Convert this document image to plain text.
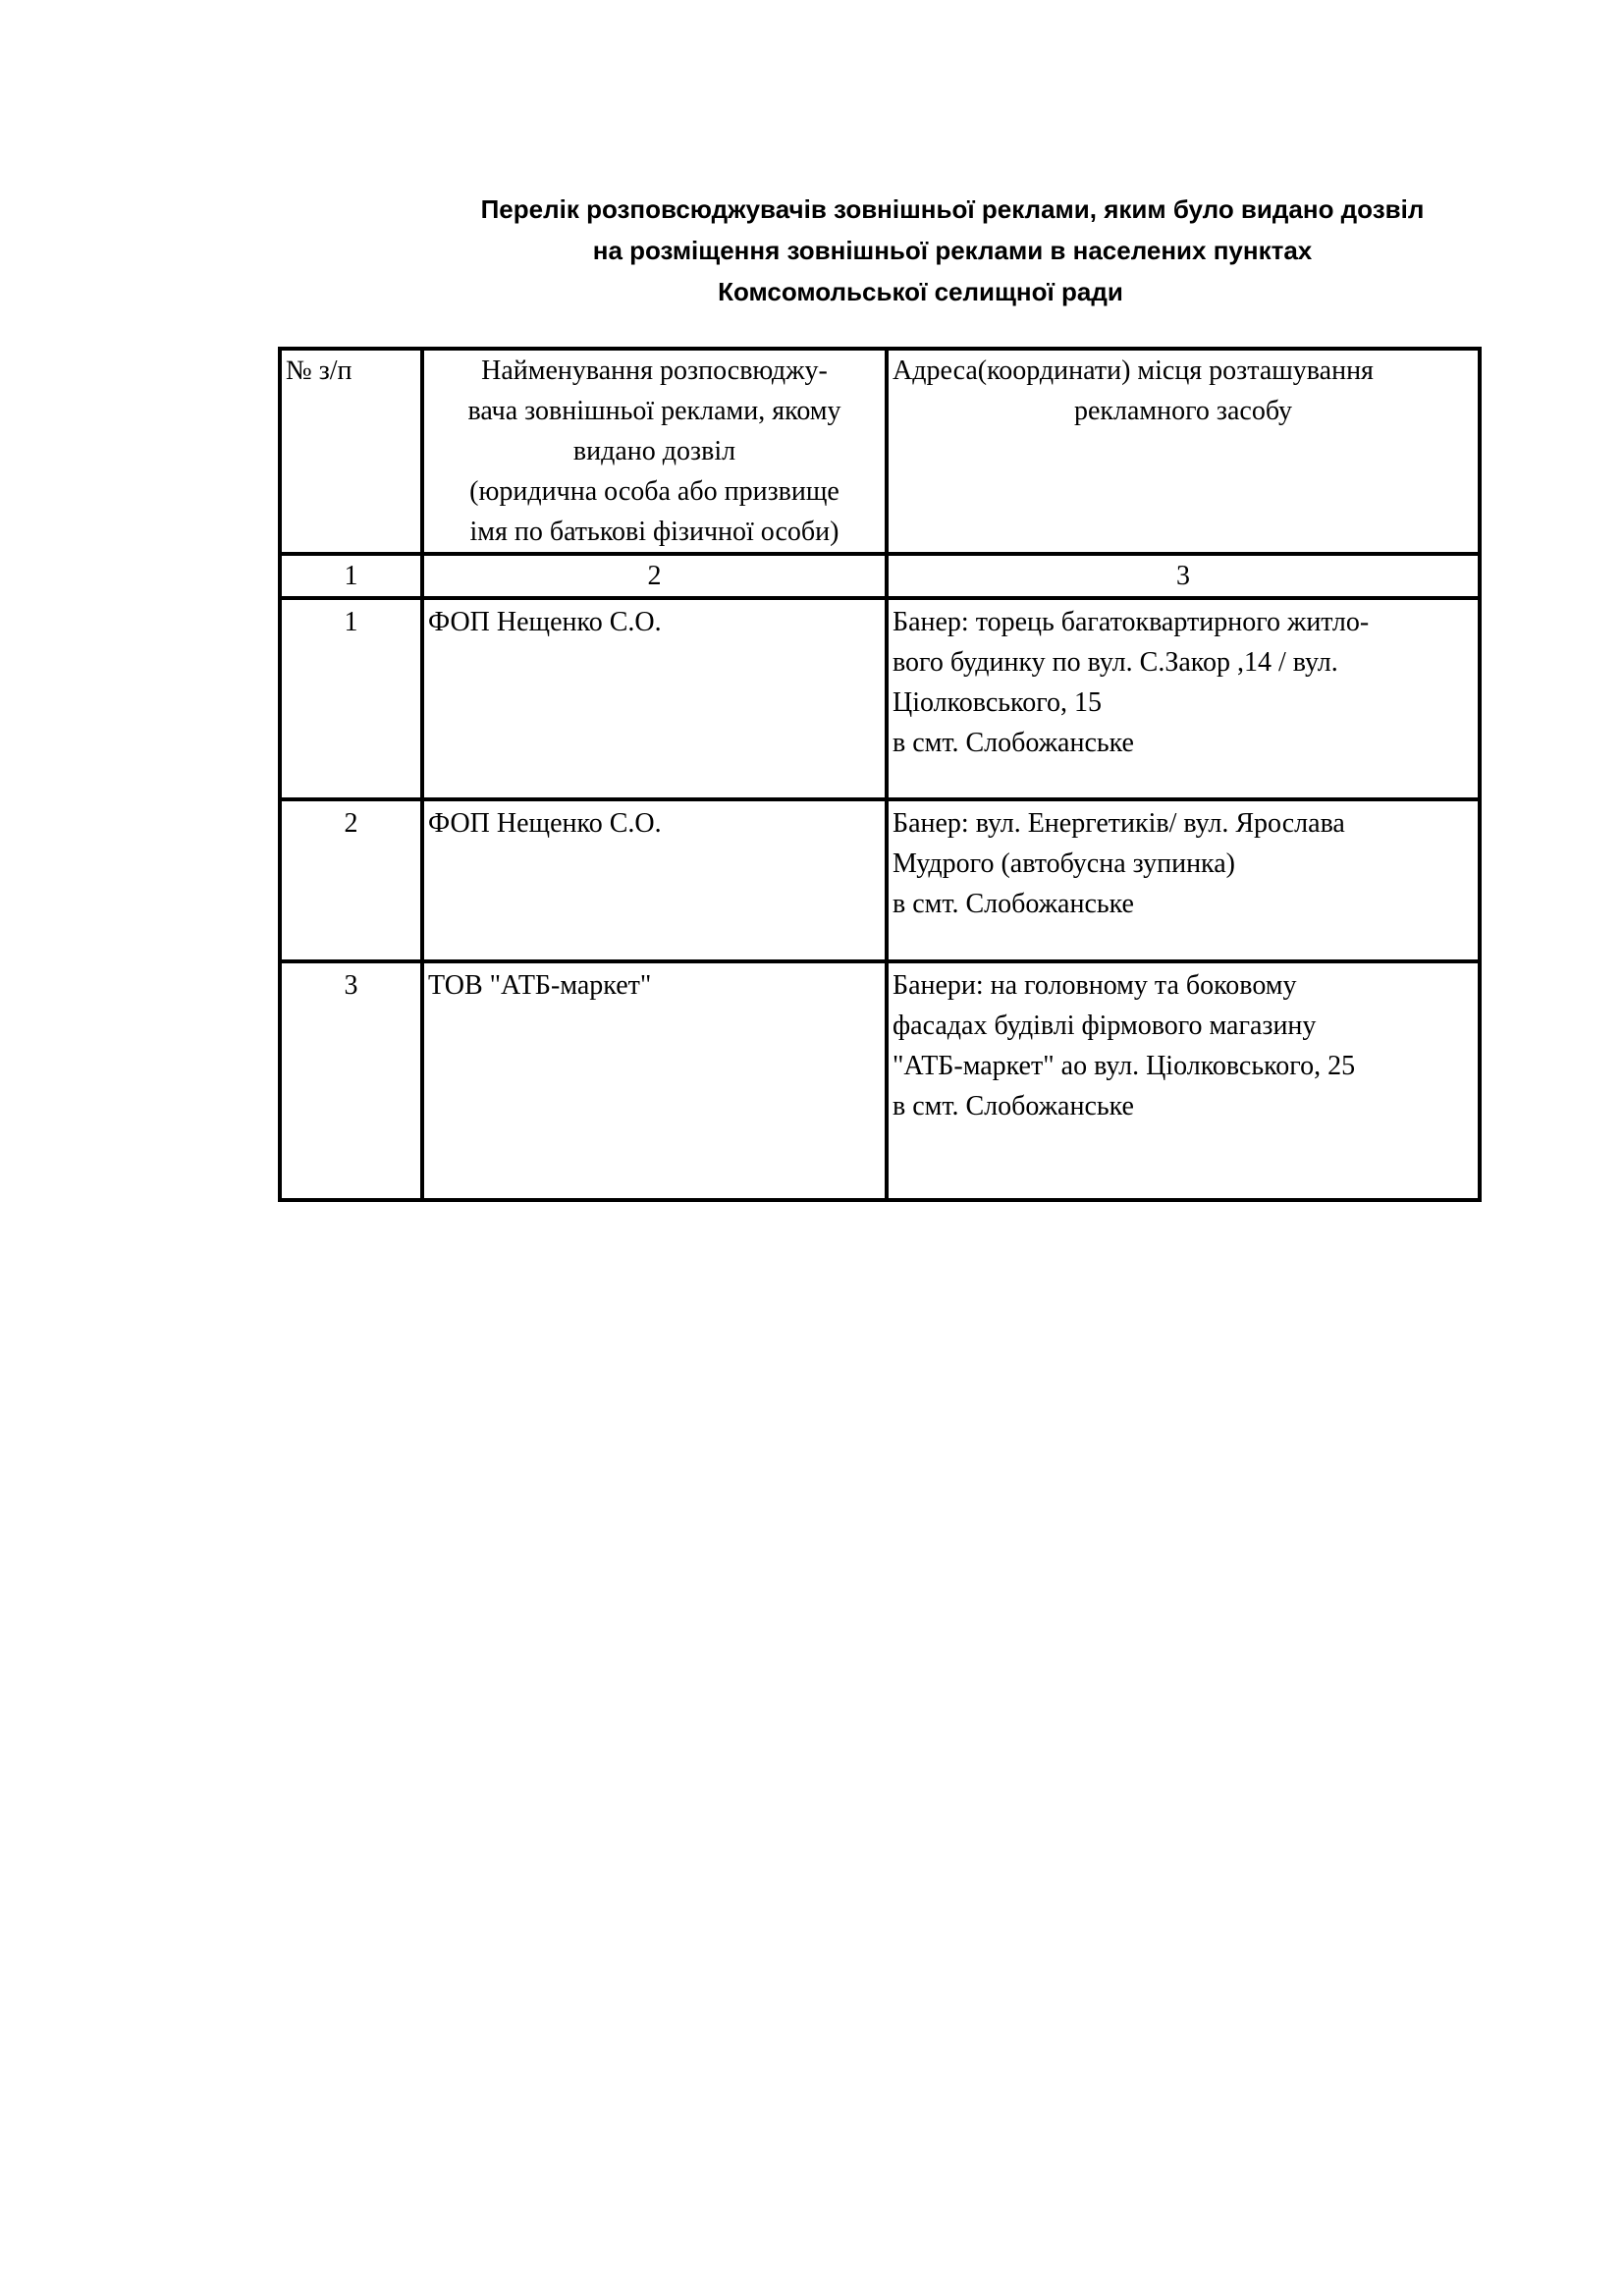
Перелік розповсюджувачів зовнішньої реклами, яким було видано дозвіл
на розміщення зовнішньої реклами в населених пунктах
Комсомольської селищної ради
№ з/п	Найменування розпосвюджу-
вача зовнішньої реклами, якому
видано дозвіл
(юридична особа або призвище
імя по батькові фізичної особи)	Адреса(координати) місця розташування
рекламного засобу

1	2	3
1	ФОП Нещенко С.О.	Банер: торець багатоквартирного житло-
вого будинку по вул. С.Закор ,14 / вул.
Ціолковського, 15
в смт. Слобожанське

2	ФОП Нещенко С.О.	Банер: вул. Енергетиків/ вул. Ярослава
Мудрого (автобусна зупинка)
в смт. Слобожанське

3	ТОВ "АТБ-маркет"	Банери: на головному та боковому
фасадах будівлі фірмового магазину
"АТБ-маркет" ао вул. Ціолковського, 25
в смт. Слобожанське
